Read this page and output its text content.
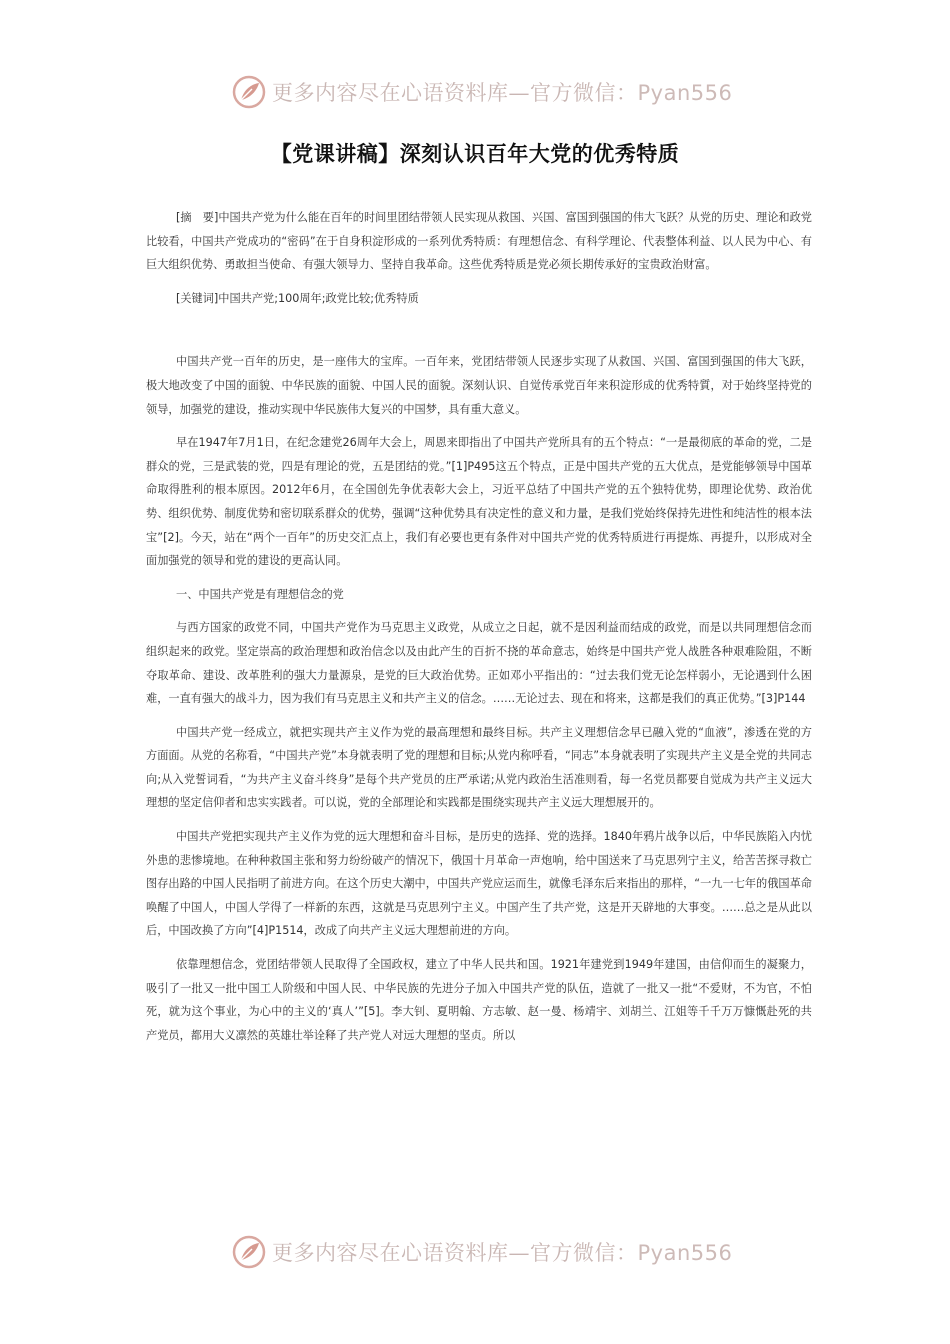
更多内容尽在心语资料库—官方微信：Pyan556
【党课讲稿】深刻认识百年大党的优秀特质

[摘　要]中国共产党为什么能在百年的时间里团结带领人民实现从救国、兴国、富国到强国的伟大飞跃？从党的历史、理论和政党比较看，中国共产党成功的“密码”在于自身积淀形成的一系列优秀特质：有理想信念、有科学理论、代表整体利益、以人民为中心、有巨大组织优势、勇敢担当使命、有强大领导力、坚持自我革命。这些优秀特质是党必须长期传承好的宝贵政治财富。

[关键词]中国共产党;100周年;政党比较;优秀特质

中国共产党一百年的历史，是一座伟大的宝库。一百年来，党团结带领人民逐步实现了从救国、兴国、富国到强国的伟大飞跃，极大地改变了中国的面貌、中华民族的面貌、中国人民的面貌。深刻认识、自觉传承党百年来积淀形成的优秀特質，对于始终坚持党的领导，加强党的建设，推动实现中华民族伟大复兴的中国梦，具有重大意义。

早在1947年7月1日，在纪念建党26周年大会上，周恩来即指出了中国共产党所具有的五个特点：“一是最彻底的革命的党，二是群众的党，三是武装的党，四是有理论的党，五是团结的党。”[1]P495这五个特点，正是中国共产党的五大优点，是党能够领导中国革命取得胜利的根本原因。2012年6月，在全国创先争优表彰大会上，习近平总结了中国共产党的五个独特优势，即理论优势、政治优势、组织优势、制度优势和密切联系群众的优势，强调“这种优势具有决定性的意义和力量，是我们党始终保持先进性和纯洁性的根本法宝”[2]。今天，站在“两个一百年”的历史交汇点上，我们有必要也更有条件对中国共产党的优秀特质进行再提炼、再提升，以形成对全面加强党的领导和党的建设的更高认同。

一、中国共产党是有理想信念的党

与西方国家的政党不同，中国共产党作为马克思主义政党，从成立之日起，就不是因利益而结成的政党，而是以共同理想信念而组织起来的政党。坚定崇高的政治理想和政治信念以及由此产生的百折不挠的革命意志，始终是中国共产党人战胜各种艰难险阻，不断夺取革命、建设、改革胜利的强大力量源泉，是党的巨大政治优势。正如邓小平指出的：“过去我们党无论怎样弱小，无论遇到什么困难，一直有强大的战斗力，因为我们有马克思主义和共产主义的信念。……无论过去、现在和将来，这都是我们的真正优势。”[3]P144

中国共产党一经成立，就把实现共产主义作为党的最高理想和最终目标。共产主义理想信念早已融入党的“血液”，渗透在党的方方面面。从党的名称看，“中国共产党”本身就表明了党的理想和目标;从党内称呼看，“同志”本身就表明了实现共产主义是全党的共同志向;从入党誓词看，“为共产主义奋斗终身”是每个共产党员的庄严承诺;从党内政治生活准则看，每一名党员都要自觉成为共产主义远大理想的坚定信仰者和忠实实践者。可以说，党的全部理论和实践都是围绕实现共产主义远大理想展开的。

中国共产党把实现共产主义作为党的远大理想和奋斗目标，是历史的选择、党的选择。1840年鸦片战争以后，中华民族陷入内忧外患的悲惨境地。在种种救国主张和努力纷纷破产的情况下，俄国十月革命一声炮响，给中国送来了马克思列宁主义，给苦苦探寻救亡图存出路的中国人民指明了前进方向。在这个历史大潮中，中国共产党应运而生，就像毛泽东后来指出的那样，“一九一七年的俄国革命唤醒了中国人，中国人学得了一样新的东西，这就是马克思列宁主义。中国产生了共产党，这是开天辟地的大事变。……总之是从此以后，中国改换了方向”[4]P1514，改成了向共产主义远大理想前进的方向。

依靠理想信念，党团结带领人民取得了全国政权，建立了中华人民共和国。1921年建党到1949年建国，由信仰而生的凝聚力，吸引了一批又一批中国工人阶级和中国人民、中华民族的先进分子加入中国共产党的队伍，造就了一批又一批“不爱财，不为官，不怕死，就为这个事业，为心中的主义的‘真人’”[5]。李大钊、夏明翰、方志敏、赵一曼、杨靖宇、刘胡兰、江姐等千千万万慷慨赴死的共产党员，都用大义凛然的英雄壮举诠释了共产党人对远大理想的坚贞。所以

更多内容尽在心语资料库—官方微信：Pyan556
